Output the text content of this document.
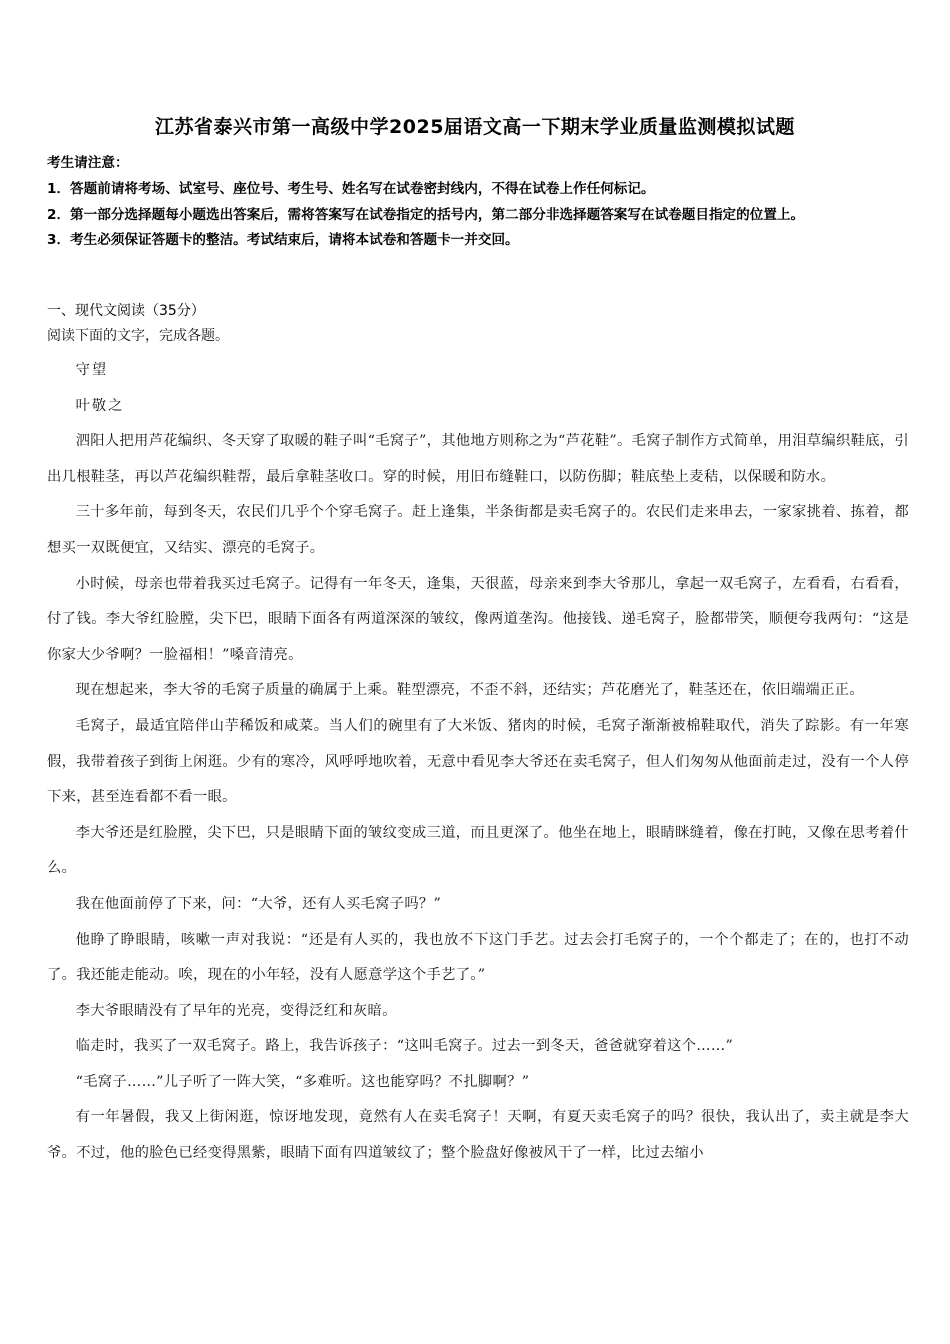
江苏省泰兴市第一高级中学2025届语文高一下期末学业质量监测模拟试题

考生请注意：

1．答题前请将考场、试室号、座位号、考生号、姓名写在试卷密封线内，不得在试卷上作任何标记。

2．第一部分选择题每小题选出答案后，需将答案写在试卷指定的括号内，第二部分非选择题答案写在试卷题目指定的位置上。

3．考生必须保证答题卡的整洁。考试结束后，请将本试卷和答题卡一并交回。

一、现代文阅读（35分）
阅读下面的文字，完成各题。

守望

叶敬之

泗阳人把用芦花编织、冬天穿了取暖的鞋子叫“毛窝子”，其他地方则称之为“芦花鞋”。毛窝子制作方式简单，用泪草编织鞋底，引出几根鞋茎，再以芦花编织鞋帮，最后拿鞋茎收口。穿的时候，用旧布缝鞋口，以防伤脚；鞋底垫上麦秸，以保暖和防水。

三十多年前，每到冬天，农民们几乎个个穿毛窝子。赶上逢集，半条街都是卖毛窝子的。农民们走来串去，一家家挑着、拣着，都想买一双既便宜，又结实、漂亮的毛窝子。

小时候，母亲也带着我买过毛窝子。记得有一年冬天，逢集，天很蓝，母亲来到李大爷那儿，拿起一双毛窝子，左看看，右看看，付了钱。李大爷红脸膛，尖下巴，眼睛下面各有两道深深的皱纹，像两道垄沟。他接钱、递毛窝子，脸都带笑，顺便夸我两句：“这是你家大少爷啊？一脸福相！”嗓音清亮。

现在想起来，李大爷的毛窝子质量的确属于上乘。鞋型漂亮，不歪不斜，还结实；芦花磨光了，鞋茎还在，依旧端端正正。

毛窝子，最适宜陪伴山芋稀饭和咸菜。当人们的碗里有了大米饭、猪肉的时候，毛窝子渐渐被棉鞋取代，消失了踪影。有一年寒假，我带着孩子到街上闲逛。少有的寒冷，风呼呼地吹着，无意中看见李大爷还在卖毛窝子，但人们匆匆从他面前走过，没有一个人停下来，甚至连看都不看一眼。

李大爷还是红脸膛，尖下巴，只是眼睛下面的皱纹变成三道，而且更深了。他坐在地上，眼睛眯缝着，像在打盹，又像在思考着什么。

我在他面前停了下来，问：“大爷，还有人买毛窝子吗？”

他睁了睁眼睛，咳嗽一声对我说：“还是有人买的，我也放不下这门手艺。过去会打毛窝子的，一个个都走了；在的，也打不动了。我还能走能动。唉，现在的小年轻，没有人愿意学这个手艺了。”

李大爷眼睛没有了早年的光亮，变得泛红和灰暗。

临走时，我买了一双毛窝子。路上，我告诉孩子：“这叫毛窝子。过去一到冬天，爸爸就穿着这个……”

“毛窝子……”儿子听了一阵大笑，“多难听。这也能穿吗？不扎脚啊？”

有一年暑假，我又上街闲逛，惊讶地发现，竟然有人在卖毛窝子！天啊，有夏天卖毛窝子的吗？很快，我认出了，卖主就是李大爷。不过，他的脸色已经变得黑紫，眼睛下面有四道皱纹了；整个脸盘好像被风干了一样，比过去缩小
